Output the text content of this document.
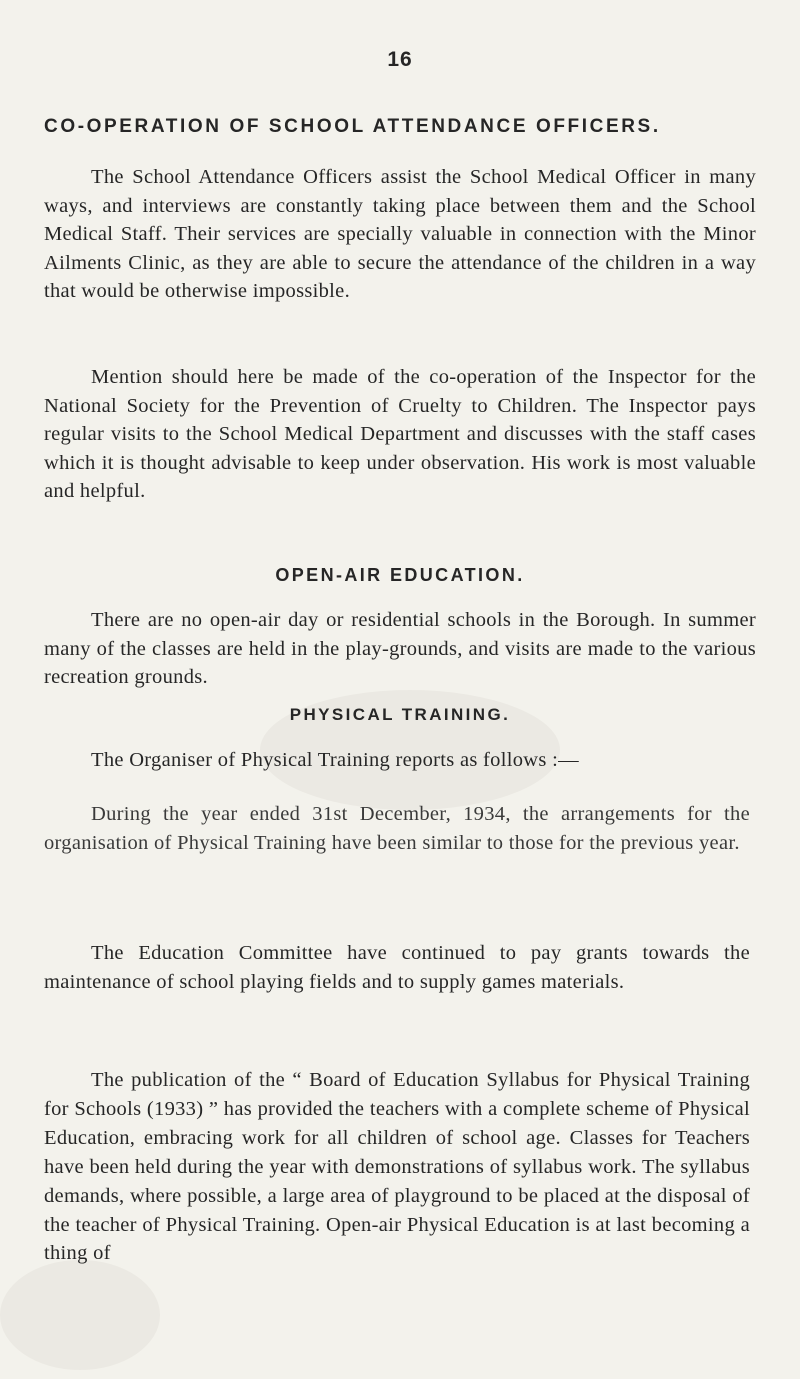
16
CO-OPERATION OF SCHOOL ATTENDANCE OFFICERS.

The School Attendance Officers assist the School Medical Officer in many ways, and interviews are constantly taking place between them and the School Medical Staff. Their services are specially valuable in connection with the Minor Ailments Clinic, as they are able to secure the attendance of the children in a way that would be otherwise impossible.

Mention should here be made of the co-operation of the Inspector for the National Society for the Prevention of Cruelty to Children. The Inspector pays regular visits to the School Medical Department and discusses with the staff cases which it is thought advisable to keep under observation. His work is most valuable and helpful.

OPEN-AIR EDUCATION.

There are no open-air day or residential schools in the Borough. In summer many of the classes are held in the play-grounds, and visits are made to the various recreation grounds.

PHYSICAL TRAINING.

The Organiser of Physical Training reports as follows :—

During the year ended 31st December, 1934, the arrangements for the organisation of Physical Training have been similar to those for the previous year.

The Education Committee have continued to pay grants towards the maintenance of school playing fields and to supply games materials.

The publication of the “ Board of Education Syllabus for Physical Training for Schools (1933) ” has provided the teachers with a complete scheme of Physical Education, embracing work for all children of school age. Classes for Teachers have been held during the year with demonstrations of syllabus work. The syllabus demands, where possible, a large area of playground to be placed at the disposal of the teacher of Physical Training. Open-air Physical Education is at last becoming a thing of
